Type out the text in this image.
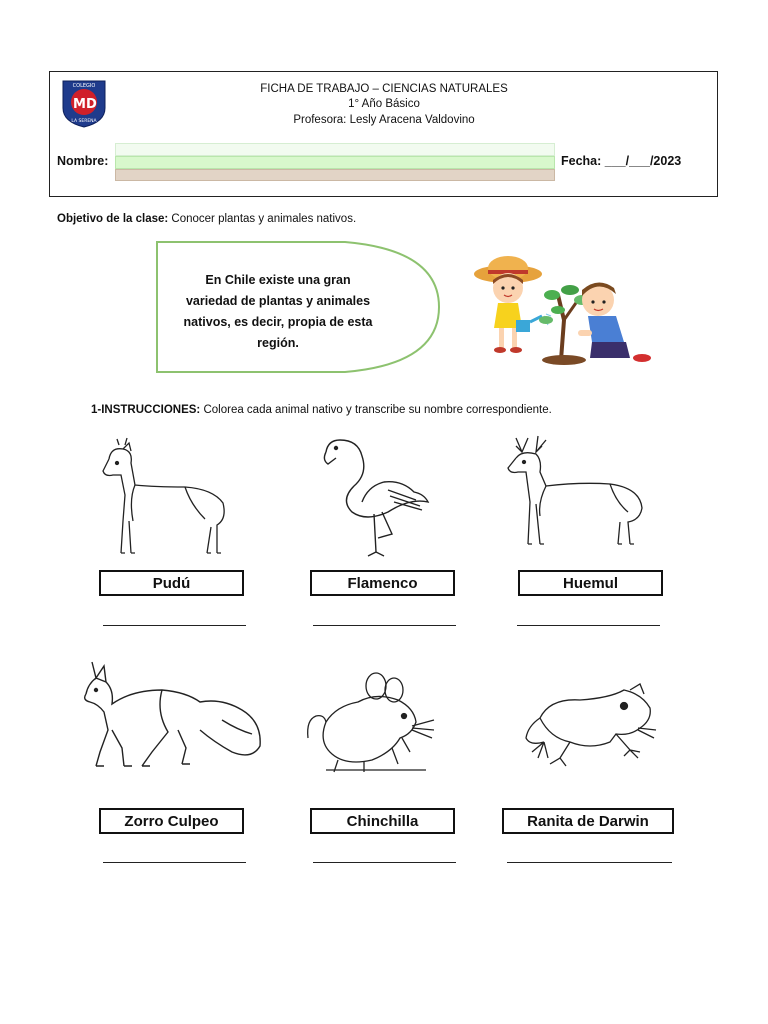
M D
COLEGIO
LA SERENA
FICHA DE TRABAJO – CIENCIAS NATURALES
1° Año Básico
Profesora: Lesly Aracena Valdovino
Nombre:	Fecha: ___/___/2023
Objetivo de la clase: Conocer plantas y animales nativos.
En Chile existe una gran
variedad de plantas y animales
nativos, es decir, propia de esta
región.
1-INSTRUCCIONES: Colorea cada animal nativo y transcribe su nombre correspondiente.
Pudú	Flamenco	Huemul
Zorro Culpeo	Chinchilla	Ranita de Darwin
